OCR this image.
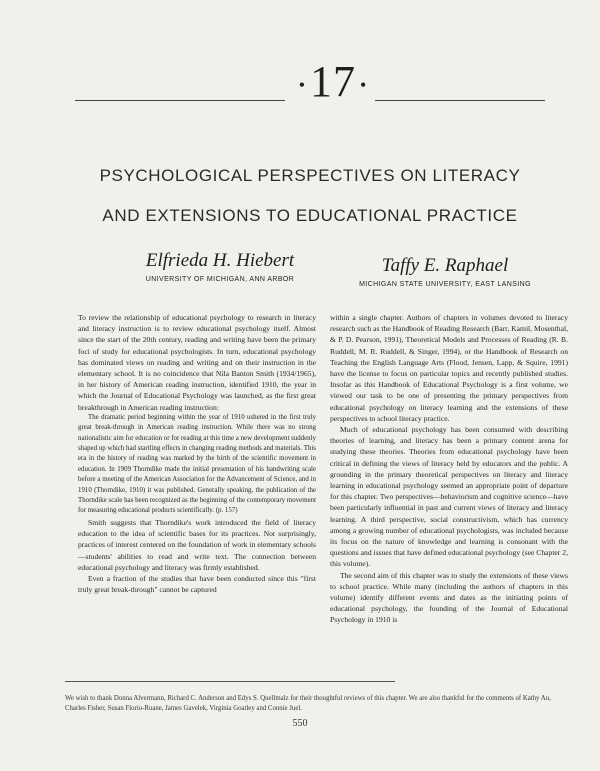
•17 •
PSYCHOLOGICAL PERSPECTIVES ON LITERACY
AND EXTENSIONS TO EDUCATIONAL PRACTICE
Elfrieda H. Hiebert
UNIVERSITY OF MICHIGAN, ANN ARBOR
Taffy E. Raphael
MICHIGAN STATE UNIVERSITY, EAST LANSING

To review the relationship of educational psychology to research in literacy and literacy instruction is to review educational psychology itself. Almost since the start of the 20th century, reading and writing have been the primary foci of study for educational psychologists. In turn, educational psychology has dominated views on reading and writing and on their instruction in the elementary school. It is no coincidence that Nila Banton Smith (1934/1965), in her history of American reading instruction, identified 1910, the year in which the Journal of Educational Psychology was launched, as the first great breakthrough in American reading instruction:

The dramatic period beginning within the year of 1910 ushered in the first truly great break-through in American reading instruction. While there was no strong nationalistic aim for education or for reading at this time a new development suddenly shaped up which had startling effects in changing reading methods and materials. This era in the history of reading was marked by the birth of the scientific movement in education. In 1909 Thorndike made the initial presentation of his handwriting scale before a meeting of the American Association for the Advancement of Science, and in 1910 (Thorndike, 1910) it was published. Generally speaking, the publication of the Thorndike scale has been recognized as the beginning of the contemporary movement for measuring educational products scientifically. (p. 157)

Smith suggests that Thorndike's work introduced the field of literacy education to the idea of scientific bases for its practices. Not surprisingly, practices of interest centered on the foundation of work in elementary schools—students' abilities to read and write text. The connection between educational psychology and literacy was firmly established.

Even a fraction of the studies that have been conducted since this "first truly great break-through" cannot be captured

within a single chapter. Authors of chapters in volumes devoted to literacy research such as the Handbook of Reading Research (Barr, Kamil, Mosenthal, & P. D. Pearson, 1991), Theoretical Models and Processes of Reading (R. B. Ruddell, M. R. Ruddell, & Singer, 1994), or the Handbook of Research on Teaching the English Language Arts (Flood, Jensen, Lapp, & Squire, 1991) have the license to focus on particular topics and recently published studies. Insofar as this Handbook of Educational Psychology is a first volume, we viewed our task to be one of presenting the primary perspectives from educational psychology on literacy learning and the extensions of these perspectives to school literacy practice.

Much of educational psychology has been consumed with describing theories of learning, and literacy has been a primary content arena for studying these theories. Theories from educational psychology have been critical in defining the views of literacy held by educators and the public. A grounding in the primary theoretical perspectives on literacy and literacy learning in educational psychology seemed an appropriate point of departure for this chapter. Two perspectives—behaviorism and cognitive science—have been particularly influential in past and current views of literacy and literacy learning. A third perspective, social constructivism, which has currency among a growing number of educational psychologists, was included because its focus on the nature of knowledge and learning is consonant with the questions and issues that have defined educational psychology (see Chapter 2, this volume).

The second aim of this chapter was to study the extensions of these views to school practice. While many (including the authors of chapters in this volume) identify different events and dates as the initiating points of educational psychology, the founding of the Journal of Educational Psychology in 1910 is

We wish to thank Donna Alvermann, Richard C. Anderson and Edys S. Quellmalz for their thoughtful reviews of this chapter. We are also thankful for the comments of Kathy Au, Charles Fisher, Susan Florio-Ruane, James Gavelek, Virginia Goatley and Connie Juel.
550
